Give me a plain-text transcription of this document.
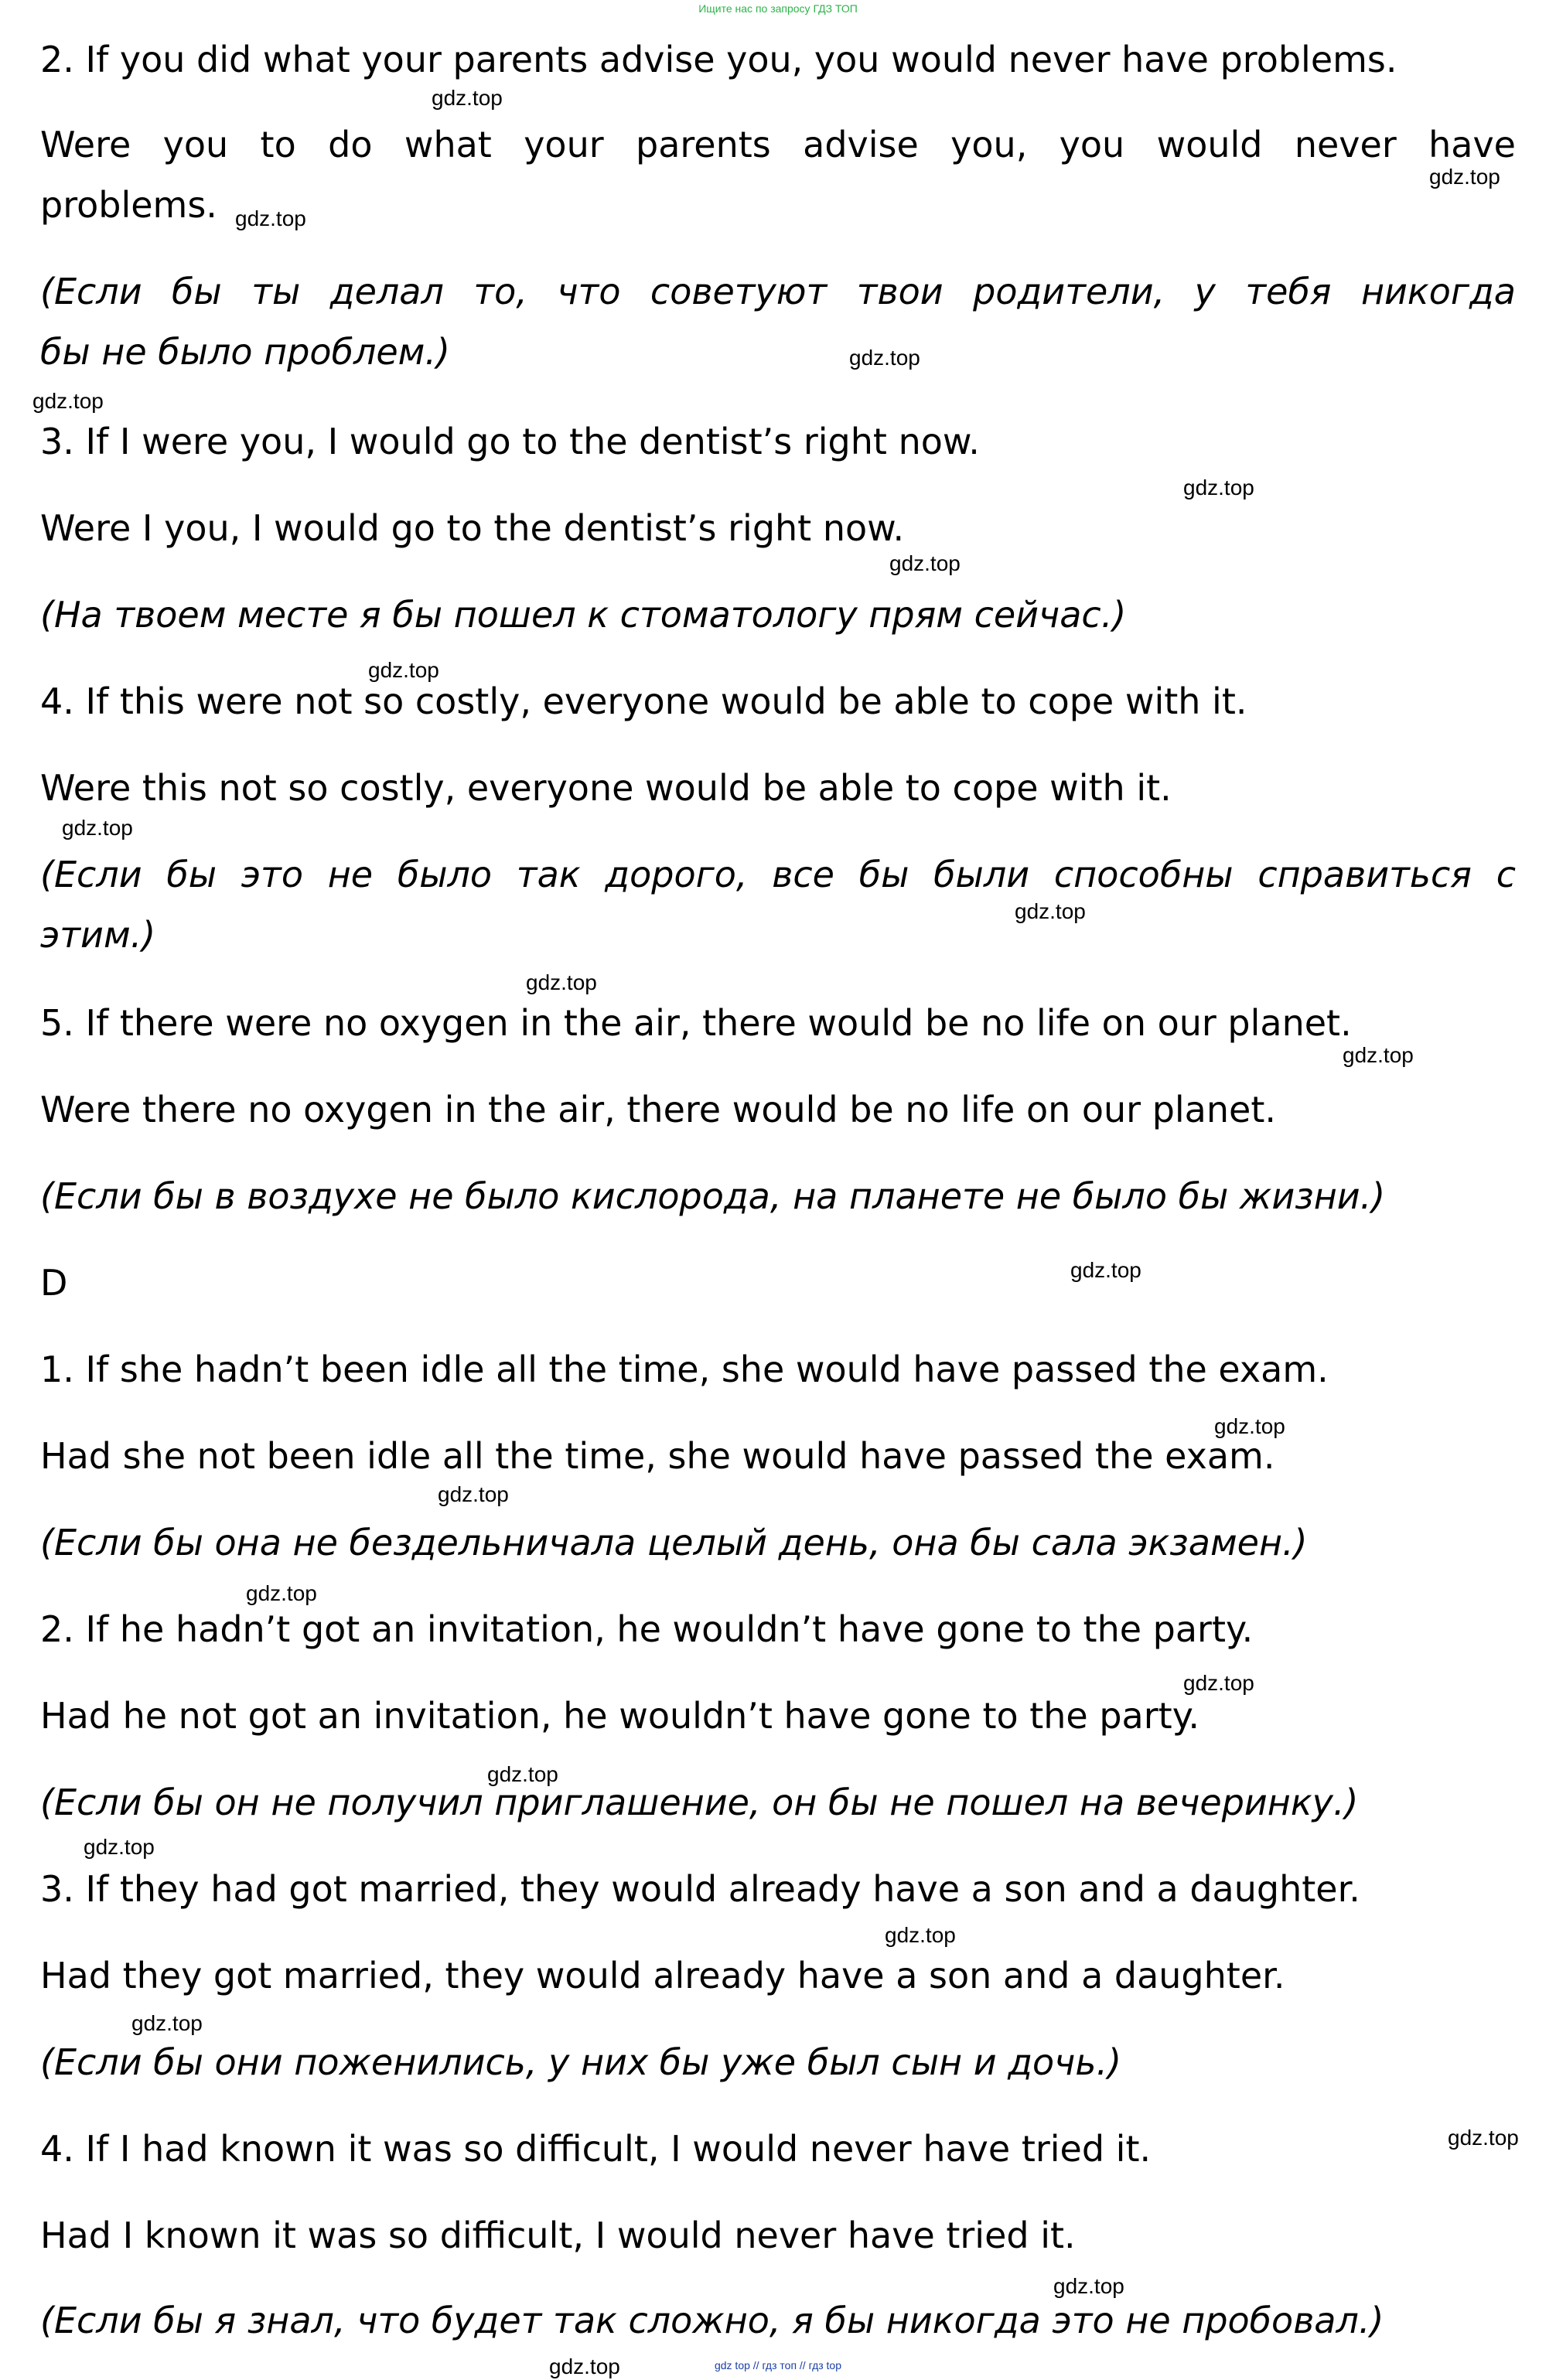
Ищите нас по запросу ГДЗ ТОП
2. If you did what your parents advise you, you would never have problems.
Were you to do what your parents advise you, you would never have
problems.
(Если бы ты делал то, что советуют твои родители, у тебя никогда
бы не было проблем.)
3. If I were you, I would go to the dentist’s right now.
Were I you, I would go to the dentist’s right now.
(На твоем месте я бы пошел к стоматологу прям сейчас.)
4. If this were not so costly, everyone would be able to cope with it.
Were this not so costly, everyone would be able to cope with it.
(Если бы это не было так дорого, все бы были способны справиться с
этим.)
5. If there were no oxygen in the air, there would be no life on our planet.
Were there no oxygen in the air, there would be no life on our planet.
(Если бы в воздухе не было кислорода, на планете не было бы жизни.)
D
1. If she hadn’t been idle all the time, she would have passed the exam.
Had she not been idle all the time, she would have passed the exam.
(Если бы она не бездельничала целый день, она бы сала экзамен.)
2. If he hadn’t got an invitation, he wouldn’t have gone to the party.
Had he not got an invitation, he wouldn’t have gone to the party.
(Если бы он не получил приглашение, он бы не пошел на вечеринку.)
3. If they had got married, they would already have a son and a daughter.
Had they got married, they would already have a son and a daughter.
(Если бы они поженились, у них бы уже был сын и дочь.)
4. If I had known it was so difficult, I would never have tried it.
Had I known it was so difficult, I would never have tried it.
(Если бы я знал, что будет так сложно, я бы никогда это не пробовал.)
gdz.top
gdz.top
gdz.top
gdz.top
gdz.top
gdz.top
gdz.top
gdz.top
gdz.top
gdz.top
gdz.top
gdz.top
gdz.top
gdz.top
gdz.top
gdz.top
gdz.top
gdz.top
gdz.top
gdz.top
gdz.top
gdz.top
gdz.top
gdz.top	gdz top // гдз топ // гдз top
